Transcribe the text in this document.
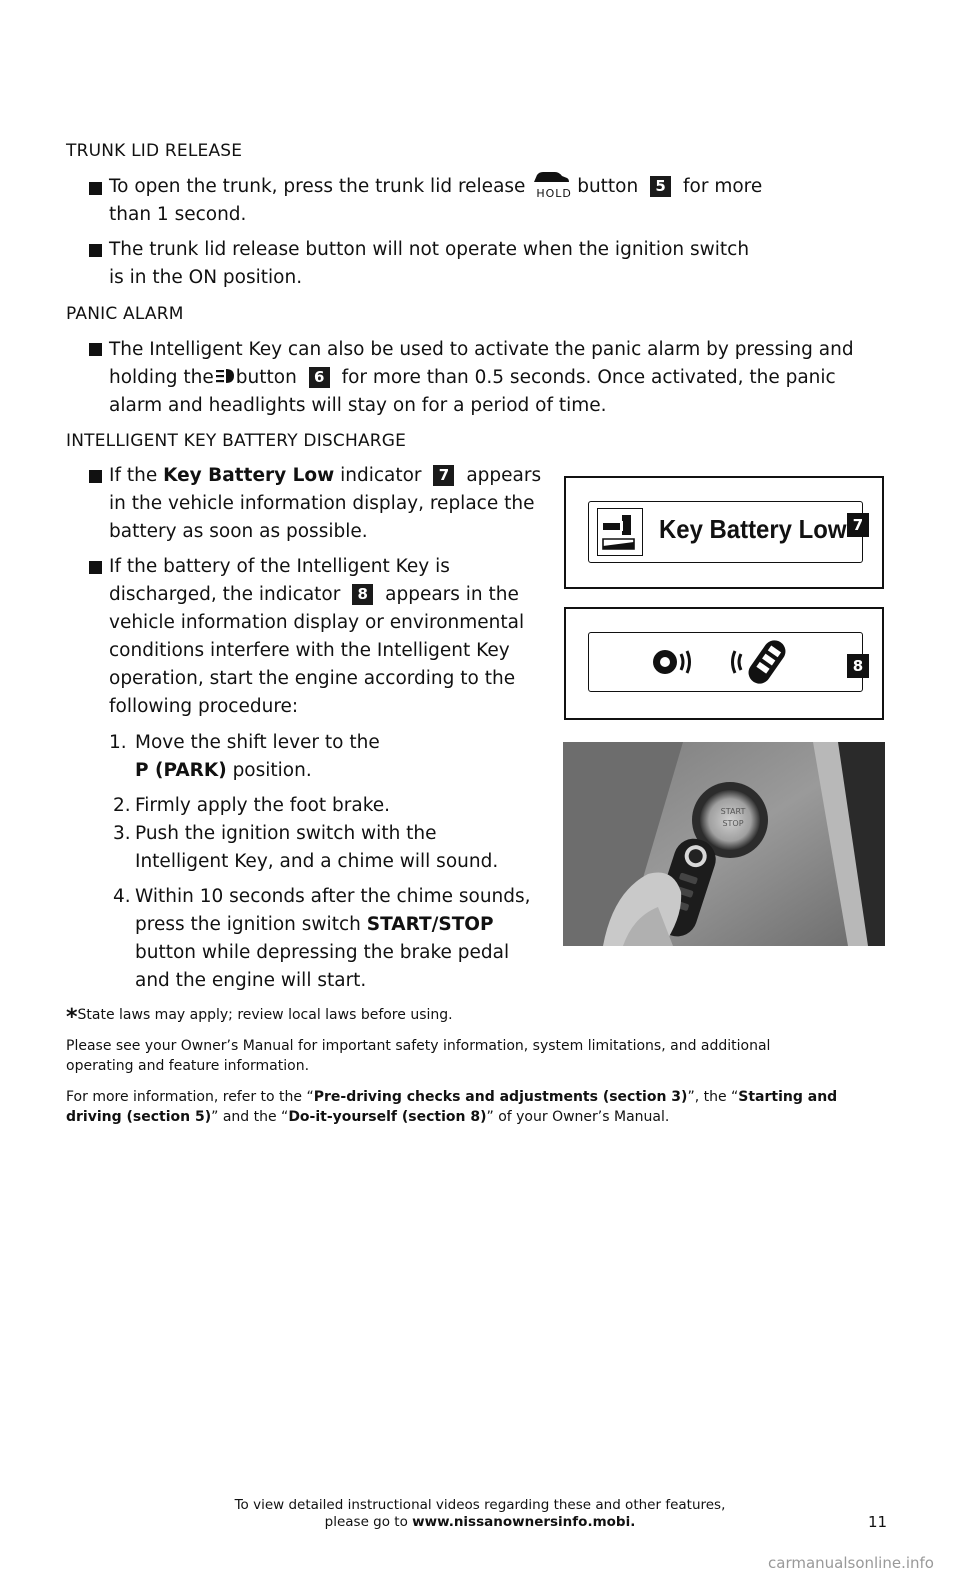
TRUNK LID RELEASE
To open the trunk, press the trunk lid release HOLD button 5 for more
than 1 second.
The trunk lid release button will not operate when the ignition switch
is in the ON position.
PANIC ALARM
The Intelligent Key can also be used to activate the panic alarm by pressing and
holding the button 6 for more than 0.5 seconds. Once activated, the panic
alarm and headlights will stay on for a period of time.
INTELLIGENT KEY BATTERY DISCHARGE
If the Key Battery Low indicator 7 appears
in the vehicle information display, replace the
battery as soon as possible.
If the battery of the Intelligent Key is
discharged, the indicator 8 appears in the
vehicle information display or environmental
conditions interfere with the Intelligent Key
operation, start the engine according to the
following procedure:
1. Move the shift lever to the
P (PARK) position.
2. Firmly apply the foot brake.
3. Push the ignition switch with the
Intelligent Key, and a chime will sound.
4. Within 10 seconds after the chime sounds,
press the ignition switch START/STOP
button while depressing the brake pedal
and the engine will start.
Key Battery Low 7
8
START
STOP
*State laws may apply; review local laws before using.
Please see your Owner’s Manual for important safety information, system limitations, and additional
operating and feature information.
For more information, refer to the “Pre-driving checks and adjustments (section 3)”, the “Starting and
driving (section 5)” and the “Do-it-yourself (section 8)” of your Owner’s Manual.
To view detailed instructional videos regarding these and other features,
please go to www.nissanownersinfo.mobi.	11
carmanualsonline.info
